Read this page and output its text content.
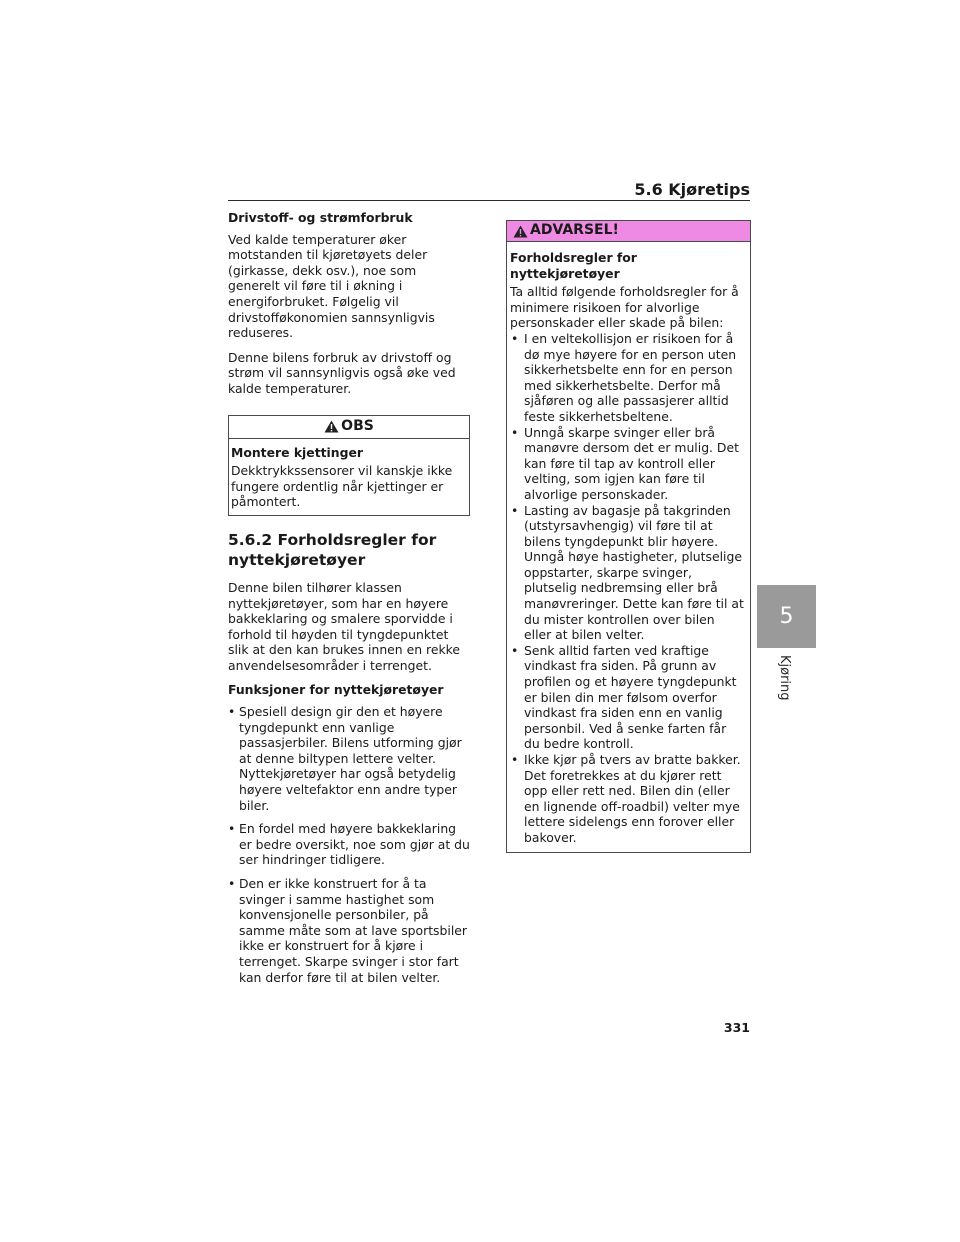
5.6 Kjøretips
5
Kjøring
Drivstoff- og strømforbruk

Ved kalde temperaturer øker motstanden til kjøretøyets deler (girkasse, dekk osv.), noe som generelt vil føre til i økning i energiforbruket. Følgelig vil drivstofføkonomien sannsynligvis reduseres.

Denne bilens forbruk av drivstoff og strøm vil sannsynligvis også øke ved kalde temperaturer.

OBS
Montere kjettinger

Dekktrykkssensorer vil kanskje ikke fungere ordentlig når kjettinger er påmontert.

5.6.2 Forholdsregler for nyttekjøretøyer

Denne bilen tilhører klassen nyttekjøretøyer, som har en høyere bakkeklaring og smalere sporvidde i forhold til høyden til tyngdepunktet slik at den kan brukes innen en rekke anvendelsesområder i terrenget.

Funksjoner for nyttekjøretøyer
• Spesiell design gir den et høyere tyngdepunkt enn vanlige passasjerbiler. Bilens utforming gjør at denne biltypen lettere velter. Nyttekjøretøyer har også betydelig høyere veltefaktor enn andre typer biler.
• En fordel med høyere bakkeklaring er bedre oversikt, noe som gjør at du ser hindringer tidligere.
• Den er ikke konstruert for å ta svinger i samme hastighet som konvensjonelle personbiler, på samme måte som at lave sportsbiler ikke er konstruert for å kjøre i terrenget. Skarpe svinger i stor fart kan derfor føre til at bilen velter.
ADVARSEL!
Forholdsregler for nyttekjøretøyer

Ta alltid følgende forholdsregler for å minimere risikoen for alvorlige personskader eller skade på bilen:

• I en veltekollisjon er risikoen for å dø mye høyere for en person uten sikkerhetsbelte enn for en person med sikkerhetsbelte. Derfor må sjåføren og alle passasjerer alltid feste sikkerhetsbeltene.
• Unngå skarpe svinger eller brå manøvre dersom det er mulig. Det kan føre til tap av kontroll eller velting, som igjen kan føre til alvorlige personskader.
• Lasting av bagasje på takgrinden (utstyrsavhengig) vil føre til at bilens tyngdepunkt blir høyere. Unngå høye hastigheter, plutselige oppstarter, skarpe svinger, plutselig nedbremsing eller brå manøvreringer. Dette kan føre til at du mister kontrollen over bilen eller at bilen velter.
• Senk alltid farten ved kraftige vindkast fra siden. På grunn av profilen og et høyere tyngdepunkt er bilen din mer følsom overfor vindkast fra siden enn en vanlig personbil. Ved å senke farten får du bedre kontroll.
• Ikke kjør på tvers av bratte bakker. Det foretrekkes at du kjører rett opp eller rett ned. Bilen din (eller en lignende off-roadbil) velter mye lettere sidelengs enn forover eller bakover.
331
